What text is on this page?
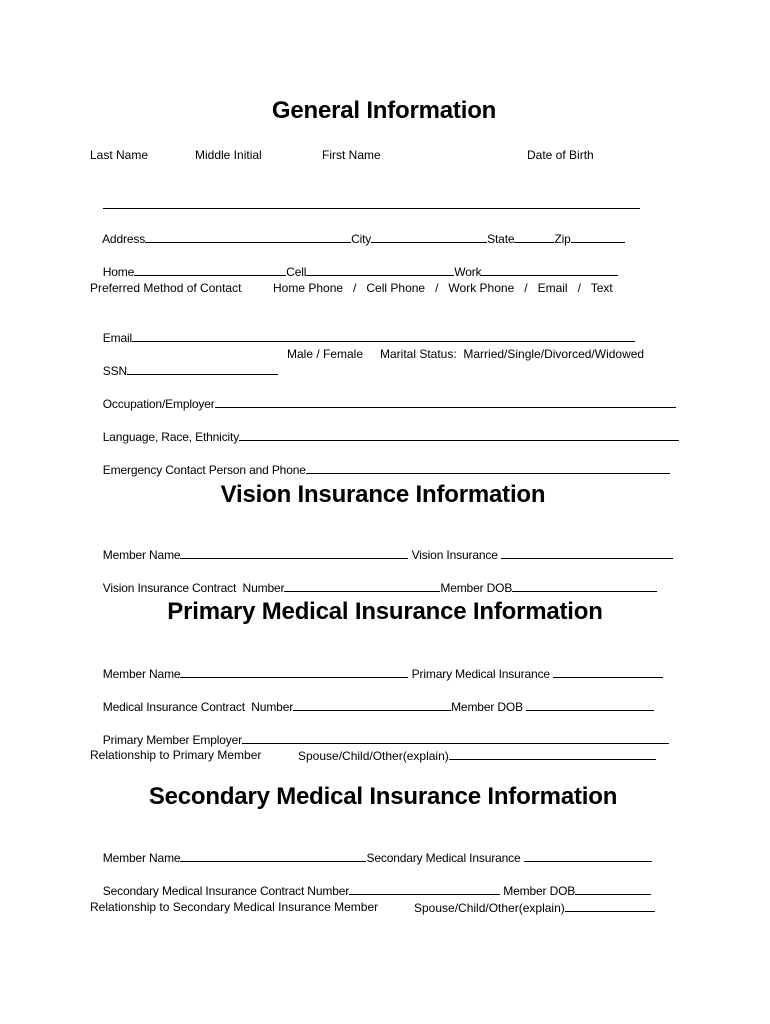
General Information
Last Name	Middle Initial	First Name	Date of Birth

Address	City	State	Zip

Home	Cell	Work

Preferred Method of Contact	Home Phone   /   Cell Phone   /   Work Phone   /   Email   /   Text

Email

SSN

Male / Female Marital Status:  Married/Single/Divorced/Widowed

Occupation/Employer

Language, Race, Ethnicity

Emergency Contact Person and Phone

Vision Insurance Information

Member Name	Vision Insurance

Vision Insurance Contract  Number	Member DOB

Primary Medical Insurance Information

Member Name	Primary Medical Insurance

Medical Insurance Contract  Number	Member DOB

Primary Member Employer

Relationship to Primary Member	Spouse/Child/Other(explain)
Secondary Medical Insurance Information

Member Name	Secondary Medical Insurance

Secondary Medical Insurance Contract Number	Member DOB

Relationship to Secondary Medical Insurance Member	Spouse/Child/Other(explain)
